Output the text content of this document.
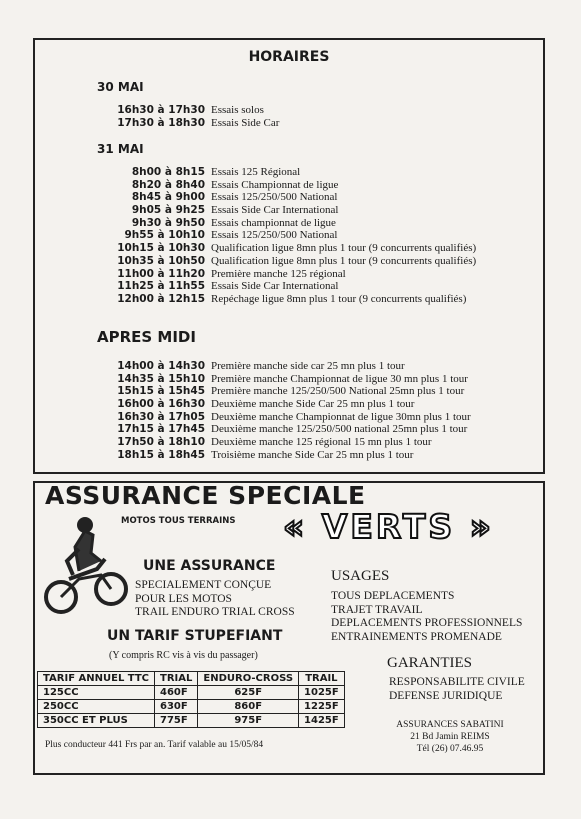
HORAIRES
30 MAI
16h30 à 17h30 Essais solos
17h30 à 18h30 Essais Side Car
31 MAI
8h00 à 8h15 Essais 125 Régional
8h20 à 8h40 Essais Championnat de ligue
8h45 à 9h00 Essais 125/250/500 National
9h05 à 9h25 Essais Side Car International
9h30 à 9h50 Essais championnat de ligue
9h55 à 10h10 Essais 125/250/500 National
10h15 à 10h30 Qualification ligue 8mn plus 1 tour (9 concurrents qualifiés)
10h35 à 10h50 Qualification ligue 8mn plus 1 tour (9 concurrents qualifiés)
11h00 à 11h20 Première manche 125 régional
11h25 à 11h55 Essais Side Car International
12h00 à 12h15 Repéchage ligue 8mn plus 1 tour (9 concurrents qualifiés)
APRES MIDI
14h00 à 14h30 Première manche side car 25 mn plus 1 tour
14h35 à 15h10 Première manche Championnat de ligue 30 mn plus 1 tour
15h15 à 15h45 Première manche 125/250/500 National 25mn plus 1 tour
16h00 à 16h30 Deuxième manche Side Car 25 mn plus 1 tour
16h30 à 17h05 Deuxième manche Championnat de ligue 30mn plus 1 tour
17h15 à 17h45 Deuxième manche 125/250/500 national 25mn plus 1 tour
17h50 à 18h10 Deuxième manche 125 régional 15 mn plus 1 tour
18h15 à 18h45 Troisième manche Side Car 25 mn plus 1 tour
ASSURANCE SPECIALE
MOTOS TOUS TERRAINS « VERTS »
UNE ASSURANCE
SPECIALEMENT CONÇUE
POUR LES MOTOS
TRAIL ENDURO TRIAL CROSS
USAGES
TOUS DEPLACEMENTS
TRAJET TRAVAIL
DEPLACEMENTS PROFESSIONNELS
ENTRAINEMENTS PROMENADE
UN TARIF STUPEFIANT
(Y compris RC vis à vis du passager)	GARANTIES
RESPONSABILITE CIVILE
DEFENSE JURIDIQUE
TARIF ANNUEL TTC	TRIAL	ENDURO-CROSS	TRAIL
125CC	460F	625F	1025F
250CC	630F	860F	1225F
350CC ET PLUS	775F	975F	1425F
Plus conducteur 441 Frs par an. Tarif valable au 15/05/84
ASSURANCES SABATINI
21 Bd Jamin REIMS
Tél (26) 07.46.95
